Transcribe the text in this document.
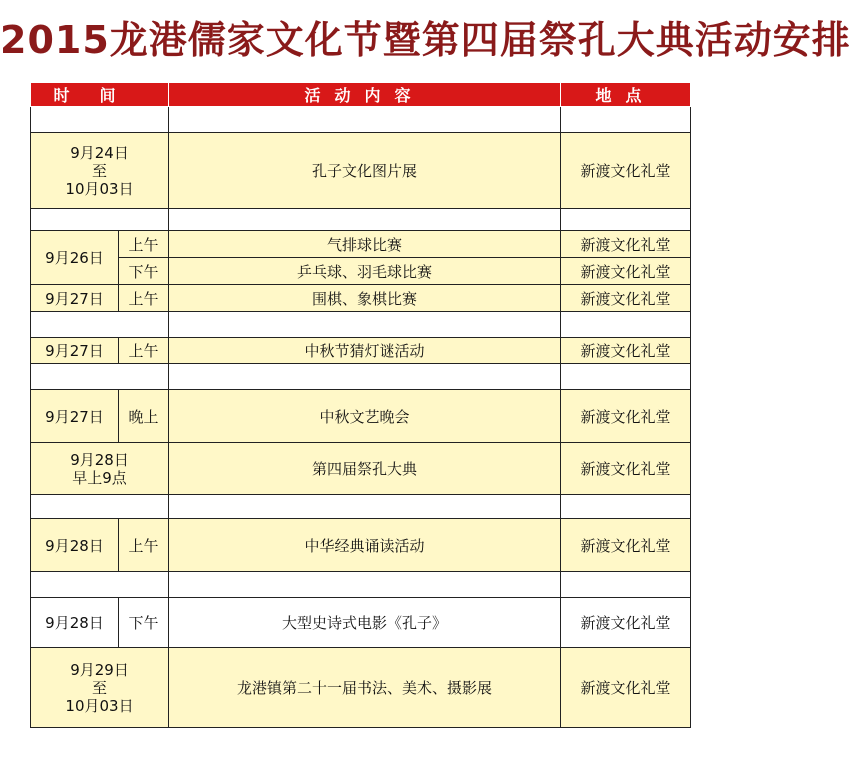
2015龙港儒家文化节暨第四届祭孔大典活动安排
时间		活动内容	地点

9月24日
至
10月03日		孔子文化图片展	新渡文化礼堂

9月26日	上午	气排球比赛	新渡文化礼堂
	下午	乒乓球、羽毛球比赛	新渡文化礼堂
9月27日	上午	围棋、象棋比赛	新渡文化礼堂

9月27日	上午	中秋节猜灯谜活动	新渡文化礼堂

9月27日	晚上	中秋文艺晚会	新渡文化礼堂

9月28日
早上9点		第四届祭孔大典	新渡文化礼堂

9月28日	上午	中华经典诵读活动	新渡文化礼堂

9月28日	下午	大型史诗式电影《孔子》	新渡文化礼堂

9月29日
至
10月03日		龙港镇第二十一届书法、美术、摄影展	新渡文化礼堂
